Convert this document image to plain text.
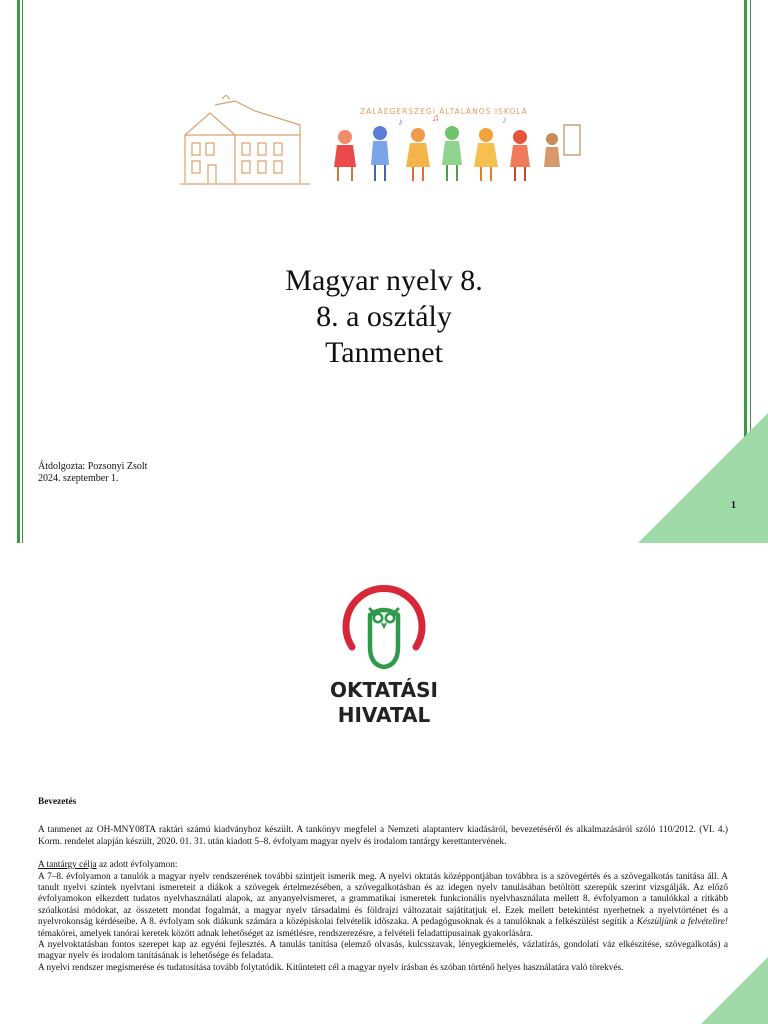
♪	♫	♪
ZALAEGERSZEGI ÁLTALÁNOS ISKOLA
Magyar nyelv 8.
8. a osztály
Tanmenet
Átdolgozta: Pozsonyi Zsolt
2024. szeptember 1.
1
OKTATÁSI
HIVATAL

Bevezetés

A tanmenet az OH-MNY08TA raktári számú kiadványhoz készült. A tankönyv megfelel a Nemzeti alaptanterv kiadásáról, bevezetéséről és alkalmazásáról szóló 110/2012. (VI. 4.) Korm. rendelet alapján készült, 2020. 01. 31. után kiadott 5–8. évfolyam magyar nyelv és irodalom tantárgy kerettantervének.

A tantárgy célja az adott évfolyamon:

A 7–8. évfolyamon a tanulók a magyar nyelv rendszerének további szintjeit ismerik meg. A nyelvi oktatás középpontjában továbbra is a szövegértés és a szövegalkotás tanítása áll. A tanult nyelvi szintek nyelvtani ismereteit a diákok a szövegek értelmezésében, a szövegalkotásban és az idegen nyelv tanulásában betöltött szerepük szerint vizsgálják. Az előző évfolyamokon elkezdett tudatos nyelvhasználati alapok, az anyanyelvismeret, a grammatikai ismeretek funkcionális nyelvhasználata mellett 8. évfolyamon a tanulókkal a ritkább szóalkotási módokat, az összetett mondat fogalmát, a magyar nyelv társadalmi és földrajzi változatait sajátítatjuk el. Ezek mellett betekintést nyerhetnek a nyelvtörténet és a nyelvrokonság kérdéseibe. A 8. évfolyam sok diákunk számára a középiskolai felvételik időszaka. A pedagógusoknak és a tanulóknak a felkészülést segítik a Készüljünk a felvételire! témakörei, amelyek tanórai keretek között adnak lehetőséget az ismétlésre, rendszerezésre, a felvételi feladattípusainak gyakorlására.

A nyelvoktatásban fontos szerepet kap az egyéni fejlesztés. A tanulás tanítása (elemző olvasás, kulcsszavak, lényegkiemelés, vázlatírás, gondolati váz elkészítése, szövegalkotás) a magyar nyelv és irodalom tanításának is lehetősége és feladata.

A nyelvi rendszer megismerése és tudatosítása tovább folytatódik. Kitűntetett cél a magyar nyelv írásban és szóban történő helyes használatára való törekvés.
